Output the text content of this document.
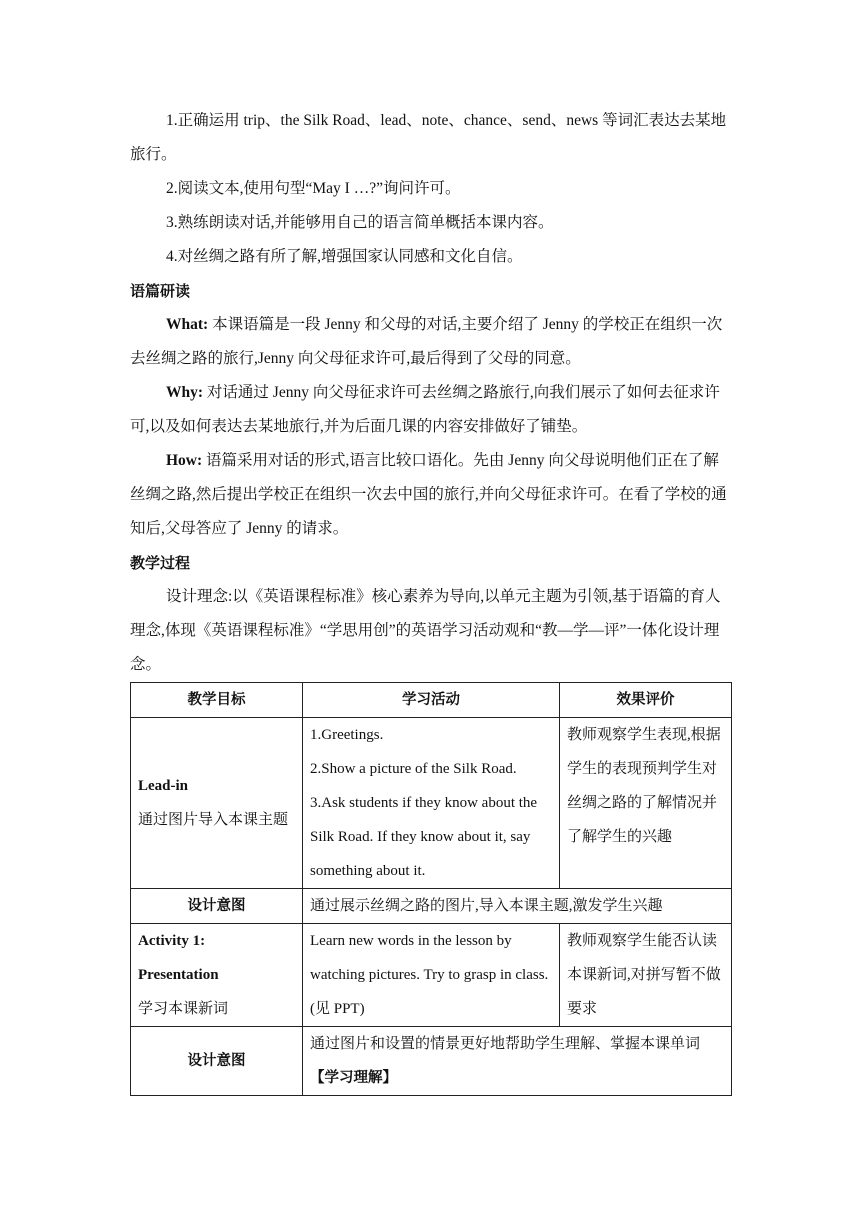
1.正确运用 trip、the Silk Road、lead、note、chance、send、news 等词汇表达去某地旅行。

2.阅读文本,使用句型“May I …?”询问许可。

3.熟练朗读对话,并能够用自己的语言简单概括本课内容。

4.对丝绸之路有所了解,增强国家认同感和文化自信。

语篇研读

What: 本课语篇是一段 Jenny 和父母的对话,主要介绍了 Jenny 的学校正在组织一次去丝绸之路的旅行,Jenny 向父母征求许可,最后得到了父母的同意。

Why: 对话通过 Jenny 向父母征求许可去丝绸之路旅行,向我们展示了如何去征求许可,以及如何表达去某地旅行,并为后面几课的内容安排做好了铺垫。

How: 语篇采用对话的形式,语言比较口语化。先由 Jenny 向父母说明他们正在了解丝绸之路,然后提出学校正在组织一次去中国的旅行,并向父母征求许可。在看了学校的通知后,父母答应了 Jenny 的请求。

教学过程

设计理念:以《英语课程标准》核心素养为导向,以单元主题为引领,基于语篇的育人理念,体现《英语课程标准》“学思用创”的英语学习活动观和“教—学—评”一体化设计理念。

教学目标	学习活动	效果评价

Lead-in
通过图片导入本课主题	1.Greetings.
2.Show a picture of the Silk Road.
3.Ask students if they know about the Silk Road. If they know about it, say something about it.	教师观察学生表现,根据学生的表现预判学生对丝绸之路的了解情况并了解学生的兴趣
设计意图	通过展示丝绸之路的图片,导入本课主题,激发学生兴趣	

Activity 1:
Presentation
学习本课新词	Learn new words in the lesson by watching pictures. Try to grasp in class.(见 PPT)	教师观察学生能否认读本课新词,对拼写暂不做要求
设计意图	通过图片和设置的情景更好地帮助学生理解、掌握本课单词【学习理解】	
